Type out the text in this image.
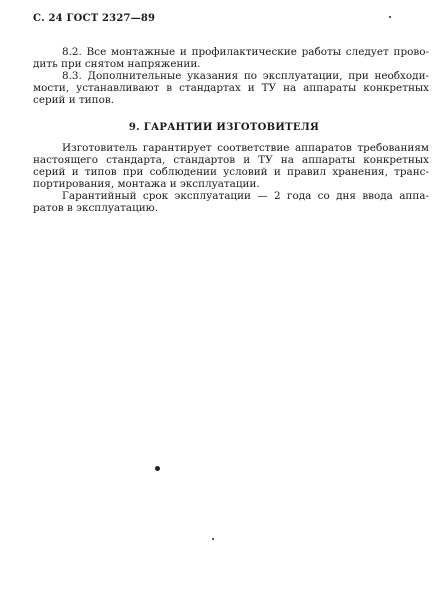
С. 24 ГОСТ 2327—89
8.2. Все монтажные и профилактические работы следует прово-
дить при снятом напряжении.
8.3. Дополнительные указания по эксплуатации, при необходи-
мости, устанавливают в стандартах и ТУ на аппараты конкретных
серий и типов.
9. ГАРАНТИИ ИЗГОТОВИТЕЛЯ
Изготовитель гарантирует соответствие аппаратов требованиям
настоящего стандарта, стандартов и ТУ на аппараты конкретных
серий и типов при соблюдении условий и правил хранения, транс-
портирования, монтажа и эксплуатации.
Гарантийный срок эксплуатации — 2 года со дня ввода аппа-
ратов в эксплуатацию.
